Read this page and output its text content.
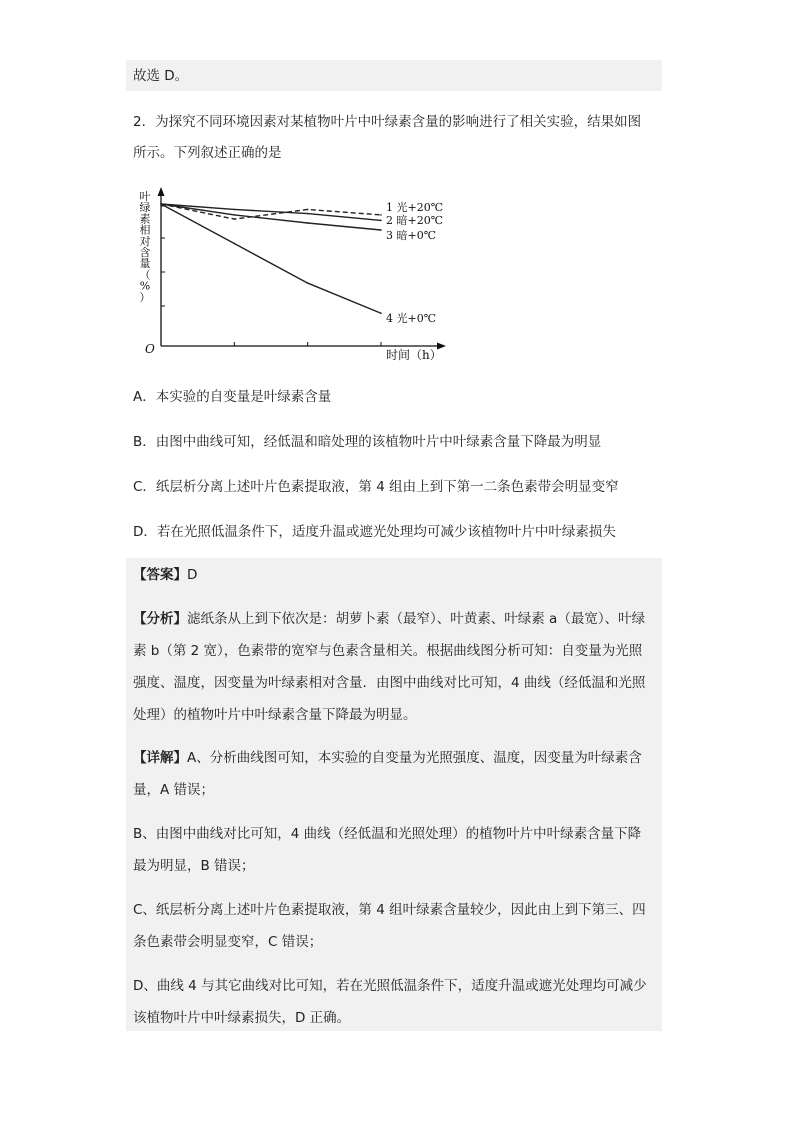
故选 D。
2．为探究不同环境因素对某植物叶片中叶绿素含量的影响进行了相关实验，结果如图
所示。下列叙述正确的是
1 光+20℃
2 暗+20℃
3 暗+0℃
4 光+0℃
叶绿素相对含量（%）
时间（h）
O
A．本实验的自变量是叶绿素含量
B．由图中曲线可知，经低温和暗处理的该植物叶片中叶绿素含量下降最为明显
C．纸层析分离上述叶片色素提取液，第 4 组由上到下第一二条色素带会明显变窄
D．若在光照低温条件下，适度升温或遮光处理均可减少该植物叶片中叶绿素损失
【答案】D
【分析】滤纸条从上到下依次是：胡萝卜素（最窄）、叶黄素、叶绿素 a（最宽）、叶绿
素 b（第 2 宽），色素带的宽窄与色素含量相关。根据曲线图分析可知：自变量为光照
强度、温度，因变量为叶绿素相对含量．由图中曲线对比可知，4 曲线（经低温和光照
处理）的植物叶片中叶绿素含量下降最为明显。
【详解】A、分析曲线图可知，本实验的自变量为光照强度、温度，因变量为叶绿素含
量，A 错误；
B、由图中曲线对比可知，4 曲线（经低温和光照处理）的植物叶片中叶绿素含量下降
最为明显，B 错误；
C、纸层析分离上述叶片色素提取液，第 4 组叶绿素含量较少，因此由上到下第三、四
条色素带会明显变窄，C 错误；
D、曲线 4 与其它曲线对比可知，若在光照低温条件下，适度升温或遮光处理均可减少
该植物叶片中叶绿素损失，D 正确。
